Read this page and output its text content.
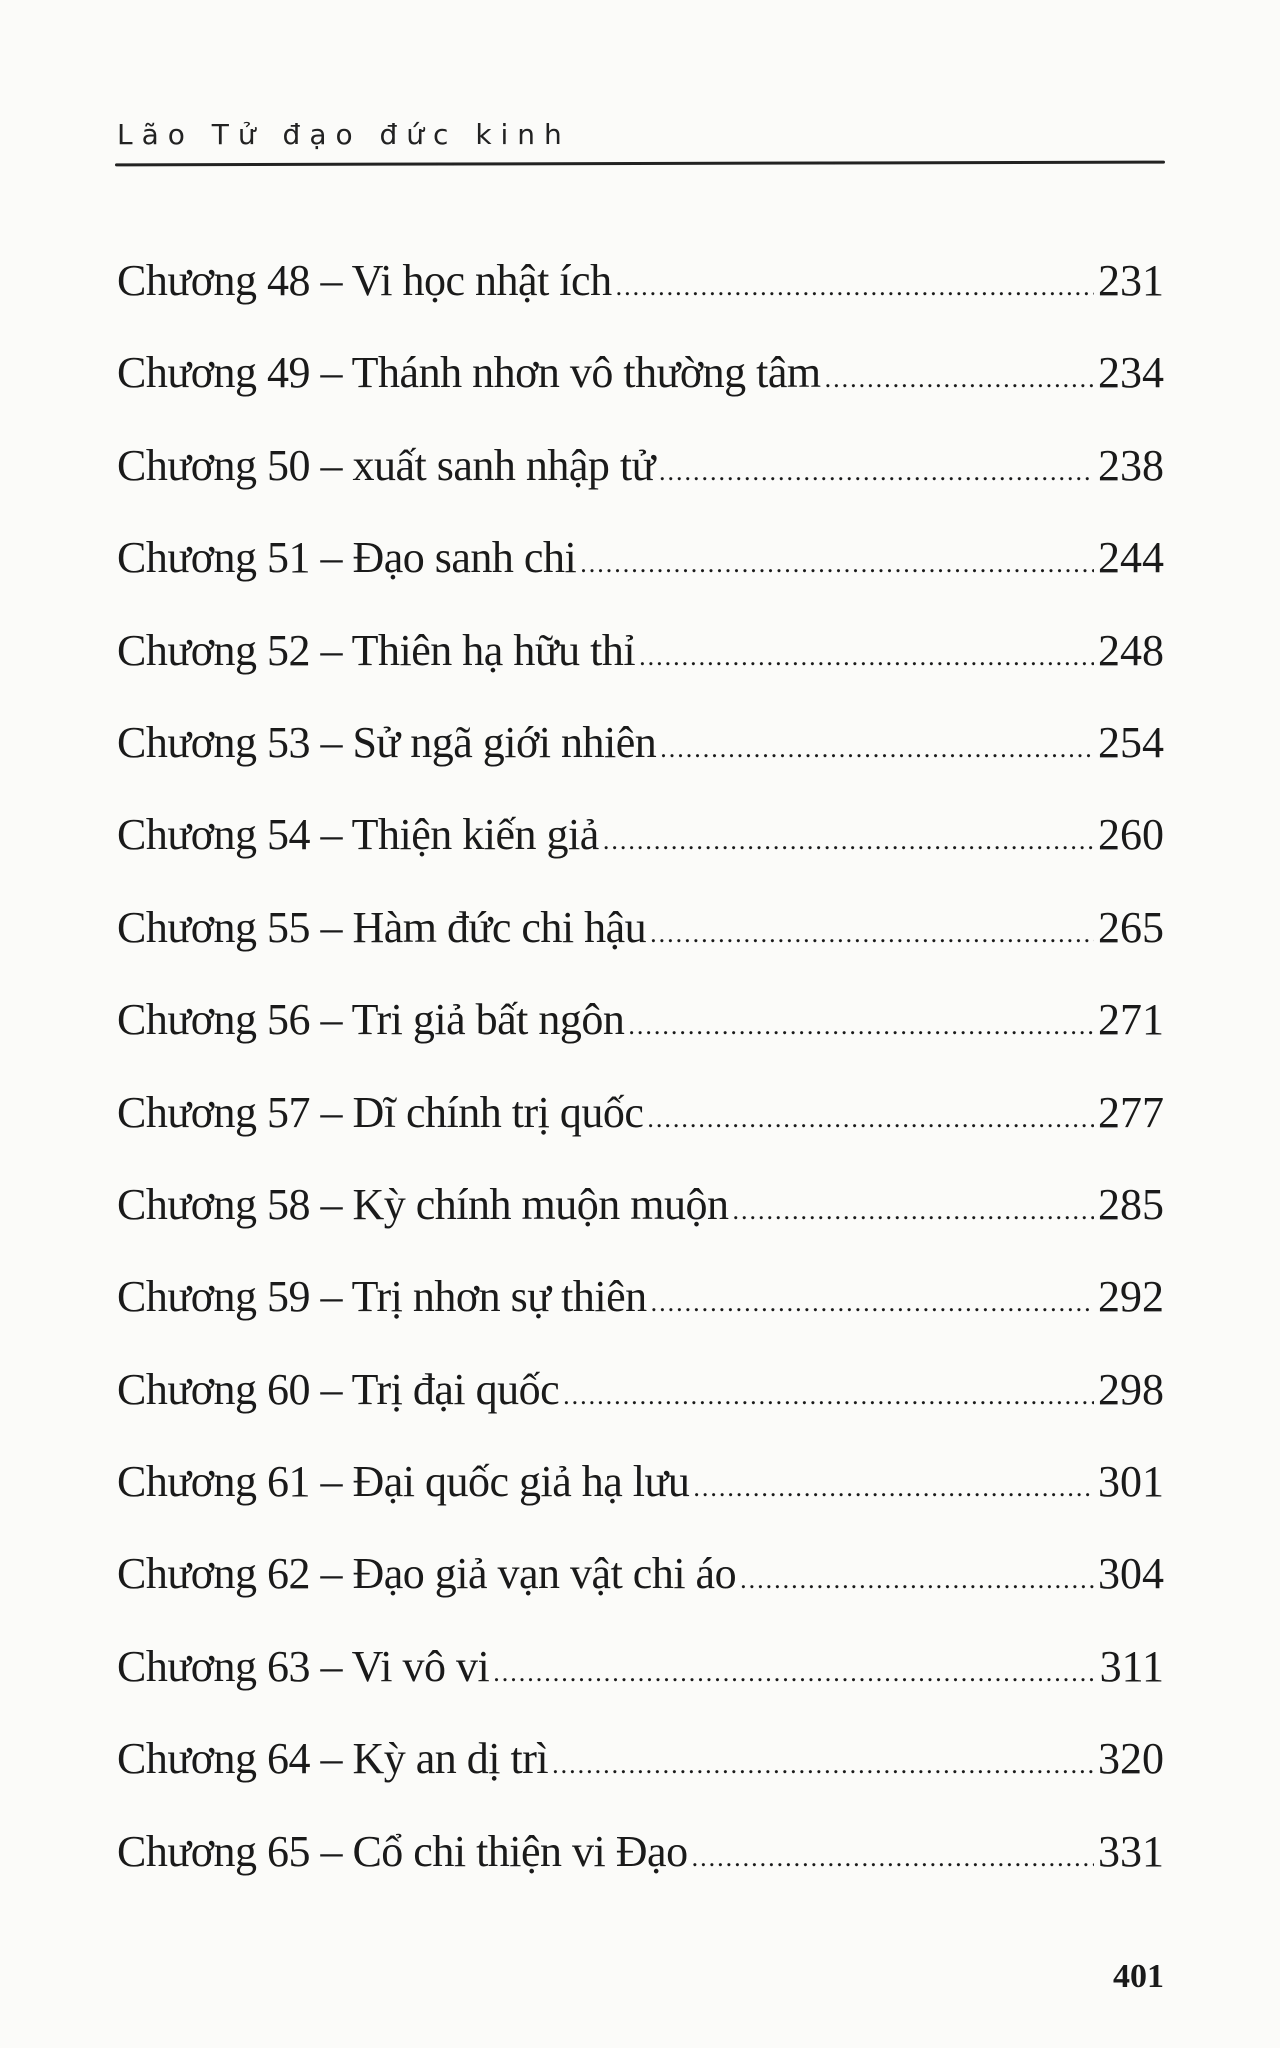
Lão Tử đạo đức kinh
Chương 48 – Vi học nhật ích .....	231
Chương 49 – Thánh nhơn vô thường tâm .....	234
Chương 50 – xuất sanh nhập tử .....	238
Chương 51 – Đạo sanh chi .....	244
Chương 52 – Thiên hạ hữu thỉ .....	248
Chương 53 – Sử ngã giới nhiên .....	254
Chương 54 – Thiện kiến giả .....	260
Chương 55 – Hàm đức chi hậu .....	265
Chương 56 – Tri giả bất ngôn .....	271
Chương 57 – Dĩ chính trị quốc .....	277
Chương 58 – Kỳ chính muộn muộn .....	285
Chương 59 – Trị nhơn sự thiên .....	292
Chương 60 – Trị đại quốc .....	298
Chương 61 – Đại quốc giả hạ lưu .....	301
Chương 62 – Đạo giả vạn vật chi áo .....	304
Chương 63 – Vi vô vi .....	311
Chương 64 – Kỳ an dị trì .....	320
Chương 65 – Cổ chi thiện vi Đạo .....	331
401
